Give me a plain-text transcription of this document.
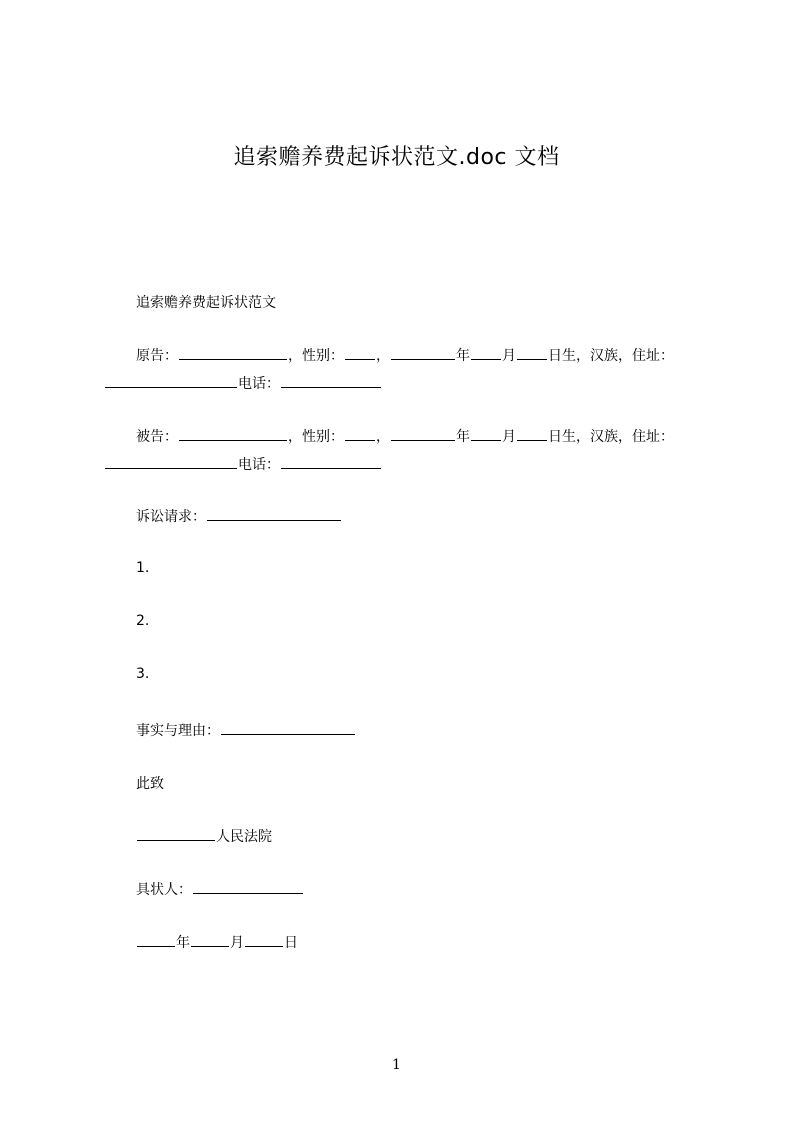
追索赡养费起诉状范文.doc 文档
追索赡养费起诉状范文
原告：	，性别： ，	年 月 日生，汉族，住址：
电话：
被告：	，性别： ，	年 月 日生，汉族，住址：
电话：
诉讼请求：
1.
2.
3.
事实与理由：
此致
人民法院
具状人：
年	月	日
1
